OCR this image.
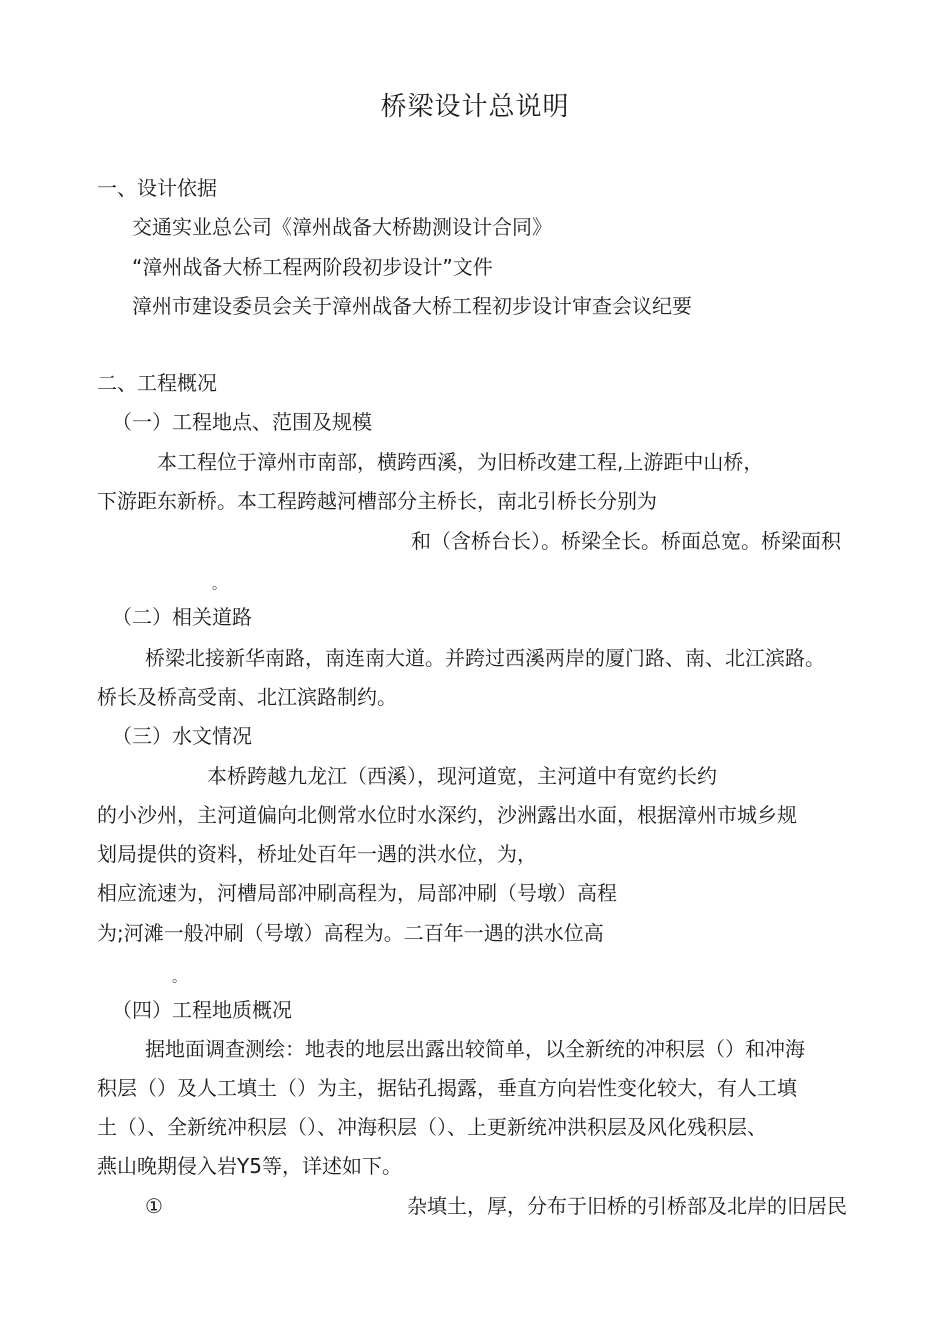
桥梁设计总说明
一、设计依据
交通实业总公司《漳州战备大桥勘测设计合同》
“漳州战备大桥工程两阶段初步设计”文件
漳州市建设委员会关于漳州战备大桥工程初步设计审查会议纪要
二、工程概况
（一）工程地点、范围及规模
本工程位于漳州市南部，横跨西溪，为旧桥改建工程,上游距中山桥，
下游距东新桥。本工程跨越河槽部分主桥长，南北引桥长分别为
和（含桥台长）。桥梁全长。桥面总宽。桥梁面积
。
（二）相关道路
桥梁北接新华南路，南连南大道。并跨过西溪两岸的厦门路、南、北江滨路。
桥长及桥高受南、北江滨路制约。
（三）水文情况
本桥跨越九龙江（西溪），现河道宽，主河道中有宽约长约
的小沙州，主河道偏向北侧常水位时水深约，沙洲露出水面，根据漳州市城乡规
划局提供的资料，桥址处百年一遇的洪水位，为，
相应流速为，河槽局部冲刷高程为，局部冲刷（号墩）高程
为;河滩一般冲刷（号墩）高程为。二百年一遇的洪水位高
。
（四）工程地质概况
据地面调查测绘：地表的地层出露出较简单，以全新统的冲积层（）和冲海
积层（）及人工填土（）为主，据钻孔揭露，垂直方向岩性变化较大，有人工填
土（）、全新统冲积层（）、冲海积层（）、上更新统冲洪积层及风化残积层、
燕山晚期侵入岩Y5等，详述如下。
①	杂填土，厚，分布于旧桥的引桥部及北岸的旧居民
